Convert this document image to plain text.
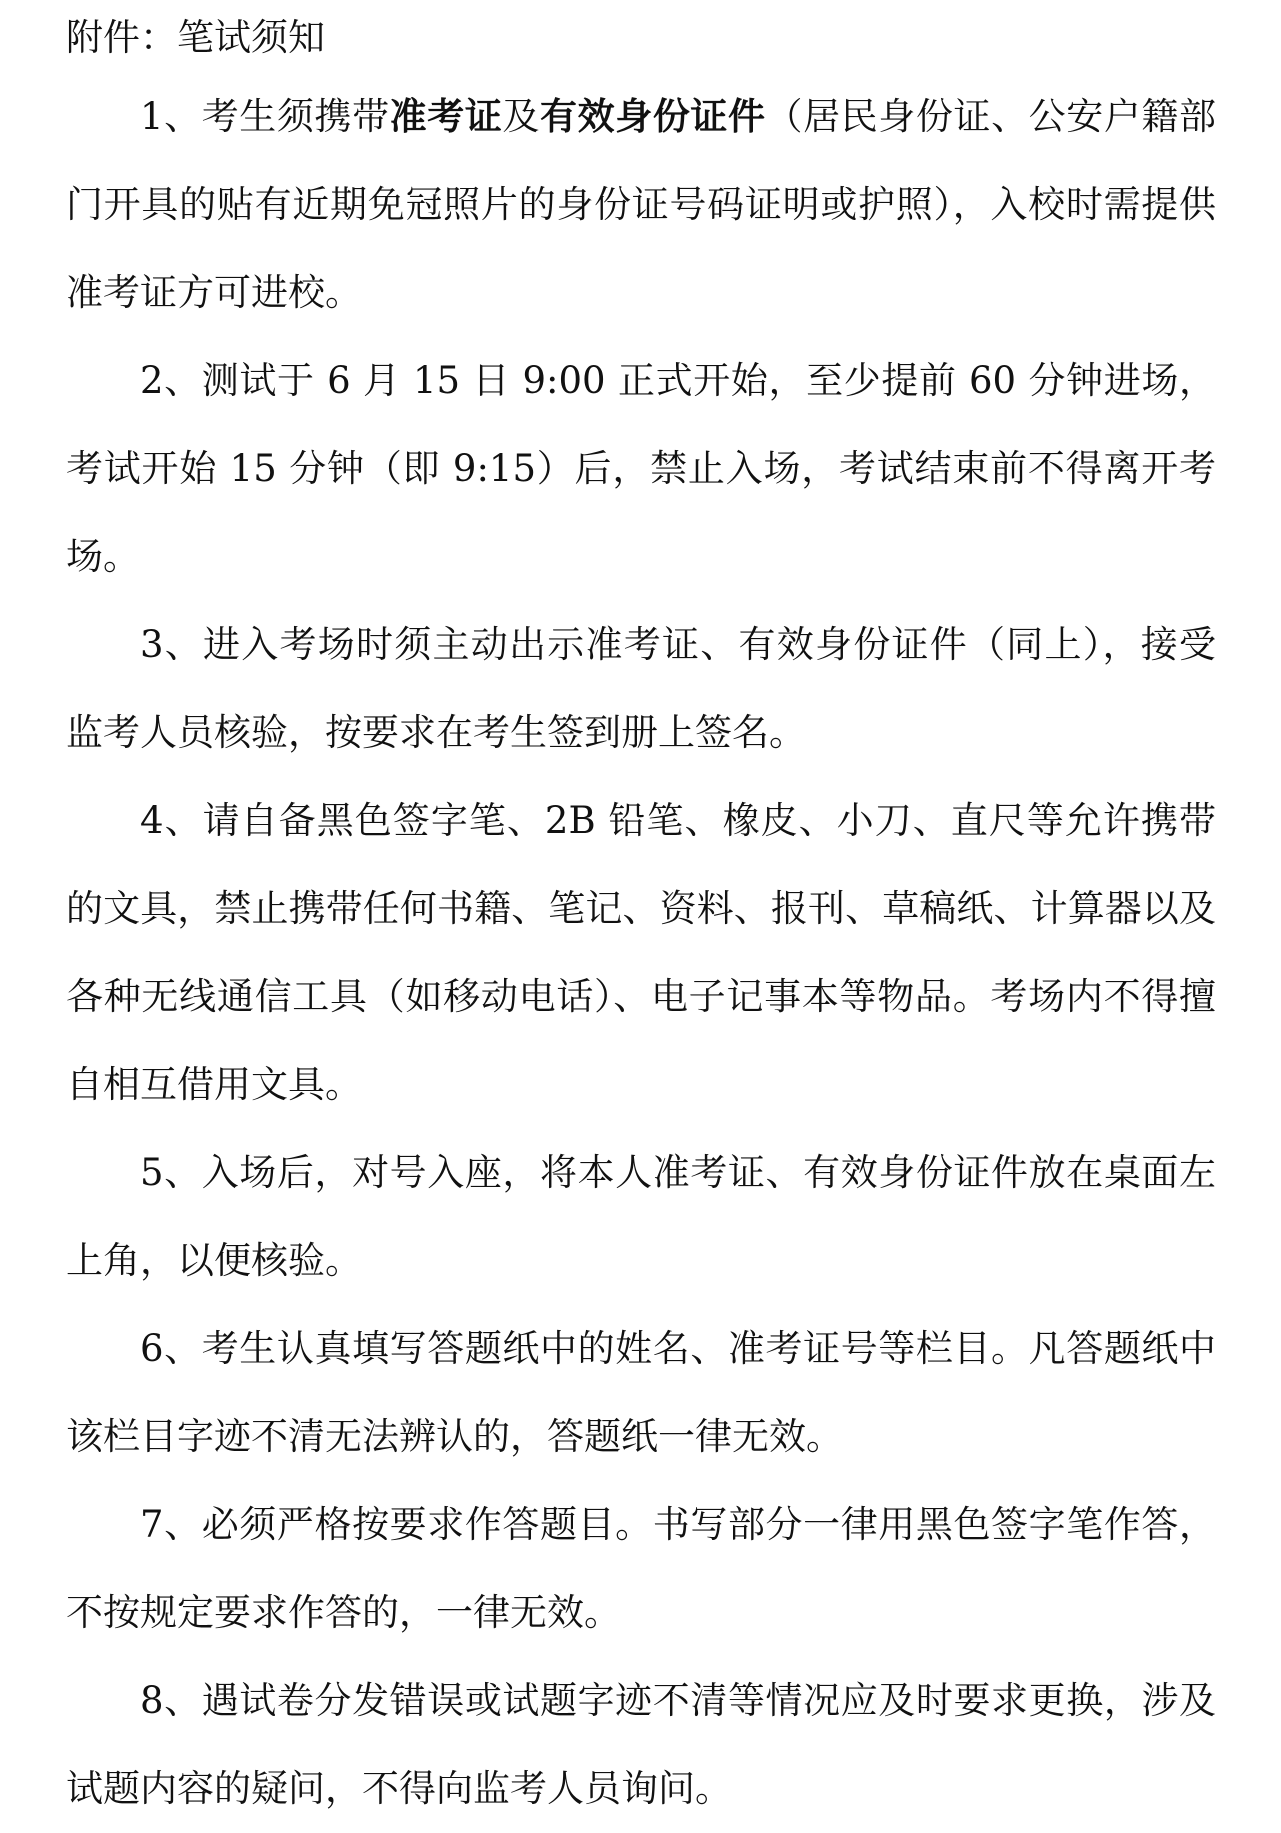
附件：笔试须知

1、考生须携带准考证及有效身份证件（居民身份证、公安户籍部门开具的贴有近期免冠照片的身份证号码证明或护照），入校时需提供准考证方可进校。

2、测试于 6 月 15 日 9:00 正式开始，至少提前 60 分钟进场，考试开始 15 分钟（即 9:15）后，禁止入场，考试结束前不得离开考场。

3、进入考场时须主动出示准考证、有效身份证件（同上），接受监考人员核验，按要求在考生签到册上签名。

4、请自备黑色签字笔、2B 铅笔、橡皮、小刀、直尺等允许携带的文具，禁止携带任何书籍、笔记、资料、报刊、草稿纸、计算器以及各种无线通信工具（如移动电话）、电子记事本等物品。考场内不得擅自相互借用文具。

5、入场后，对号入座，将本人准考证、有效身份证件放在桌面左上角，以便核验。

6、考生认真填写答题纸中的姓名、准考证号等栏目。凡答题纸中该栏目字迹不清无法辨认的，答题纸一律无效。

7、必须严格按要求作答题目。书写部分一律用黑色签字笔作答，不按规定要求作答的，一律无效。

8、遇试卷分发错误或试题字迹不清等情况应及时要求更换，涉及试题内容的疑问，不得向监考人员询问。
